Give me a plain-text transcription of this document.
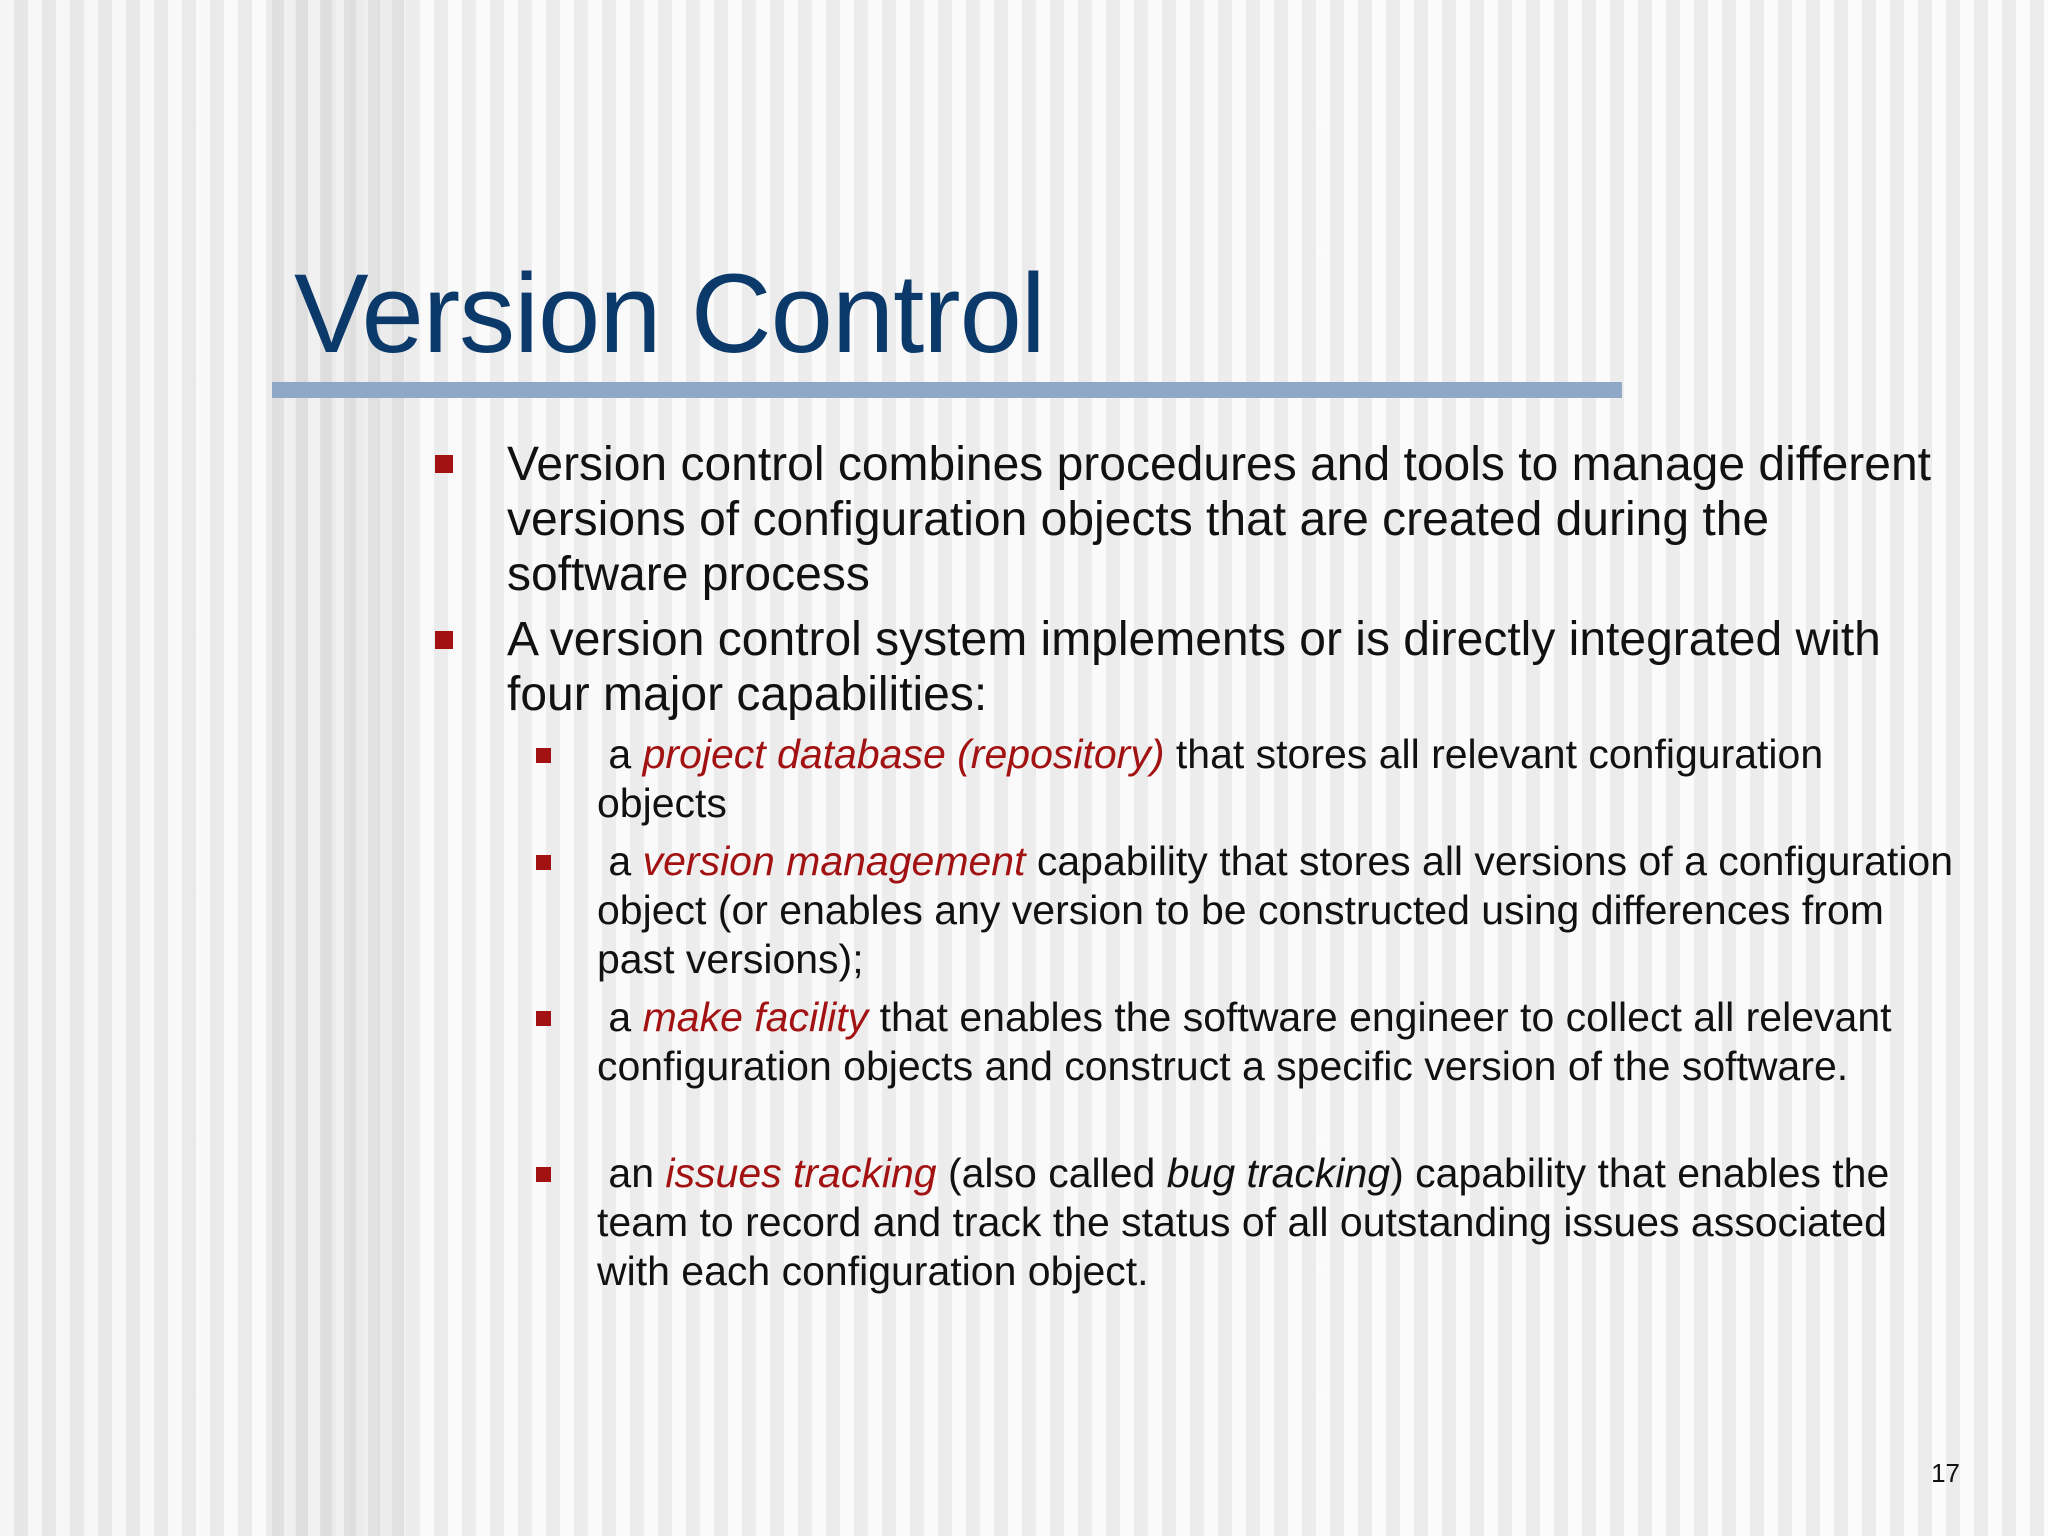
Version Control

Version control combines procedures and tools to manage different versions of configuration objects that are created during the software process

A version control system implements or is directly integrated with four major capabilities:

a project database (repository) that stores all relevant configuration objects

a version management capability that stores all versions of a configuration object (or enables any version to be constructed using differences from past versions);

a make facility that enables the software engineer to collect all relevant configuration objects and construct a specific version of the software.

an issues tracking (also called bug tracking) capability that enables the team to record and track the status of all outstanding issues associated with each configuration object.

17
